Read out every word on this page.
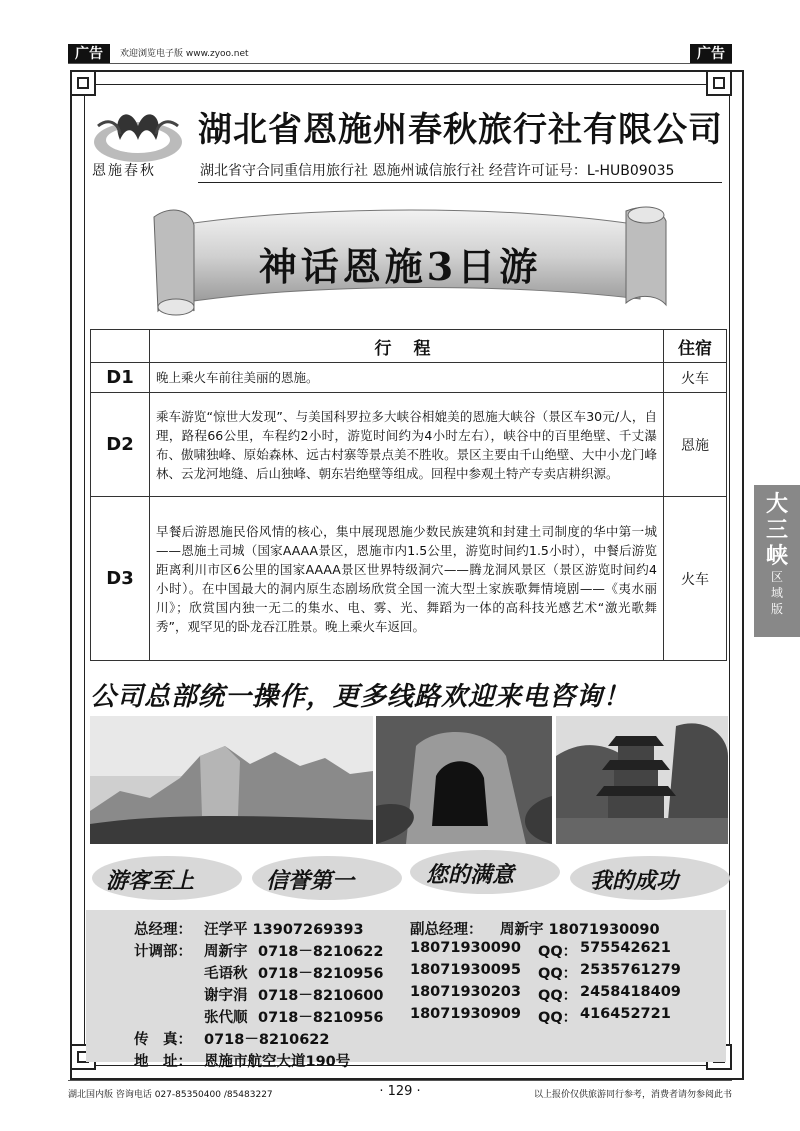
广告	欢迎浏览电子版 www.zyoo.net	广告
恩施春秋
湖北省恩施州春秋旅行社有限公司
湖北省守合同重信用旅行社 恩施州诚信旅行社 经营许可证号：L-HUB09035
神话恩施3日游
	行 程	住宿
D1	晚上乘火车前往美丽的恩施。	火车
D2	乘车游览“惊世大发现”、与美国科罗拉多大峡谷相媲美的恩施大峡谷（景区车30元/人，自理，路程66公里，车程约2小时，游览时间约为4小时左右），峡谷中的百里绝壁、千丈瀑布、傲啸独峰、原始森林、远古村寨等景点美不胜收。景区主要由千山绝壁、大中小龙门峰林、云龙河地缝、后山独峰、朝东岩绝壁等组成。回程中参观土特产专卖店耕织源。	恩施
D3	早餐后游恩施民俗风情的核心，集中展现恩施少数民族建筑和封建土司制度的华中第一城——恩施土司城（国家AAAA景区，恩施市内1.5公里，游览时间约1.5小时），中餐后游览距离利川市区6公里的国家AAAA景区世界特级洞穴——腾龙洞风景区（景区游览时间约4小时）。在中国最大的洞内原生态剧场欣赏全国一流大型土家族歌舞情境剧——《夷水丽川》；欣赏国内独一无二的集水、电、雾、光、舞蹈为一体的高科技光感艺术“激光歌舞秀”，观罕见的卧龙吞江胜景。晚上乘火车返回。	火车
公司总部统一操作，更多线路欢迎来电咨询！
游客至上	信誉第一	您的满意	我的成功
总经理： 汪学平 13907269393	副总经理： 周新宇 18071930090
计调部： 周新宇 0718－8210622 18071930090 QQ： 575542621
毛语秋 0718－8210956 18071930095 QQ： 2535761279
谢宇涓 0718－8210600 18071930203 QQ： 2458418409
张代顺 0718－8210956 18071930909 QQ： 416452721
传　真： 0718－8210622
地　址： 恩施市航空大道190号
大三峡
区域版
湖北国内版 咨询电话 027-85350400 /85483227	· 129 ·	以上报价仅供旅游同行参考，消费者请勿参阅此书
